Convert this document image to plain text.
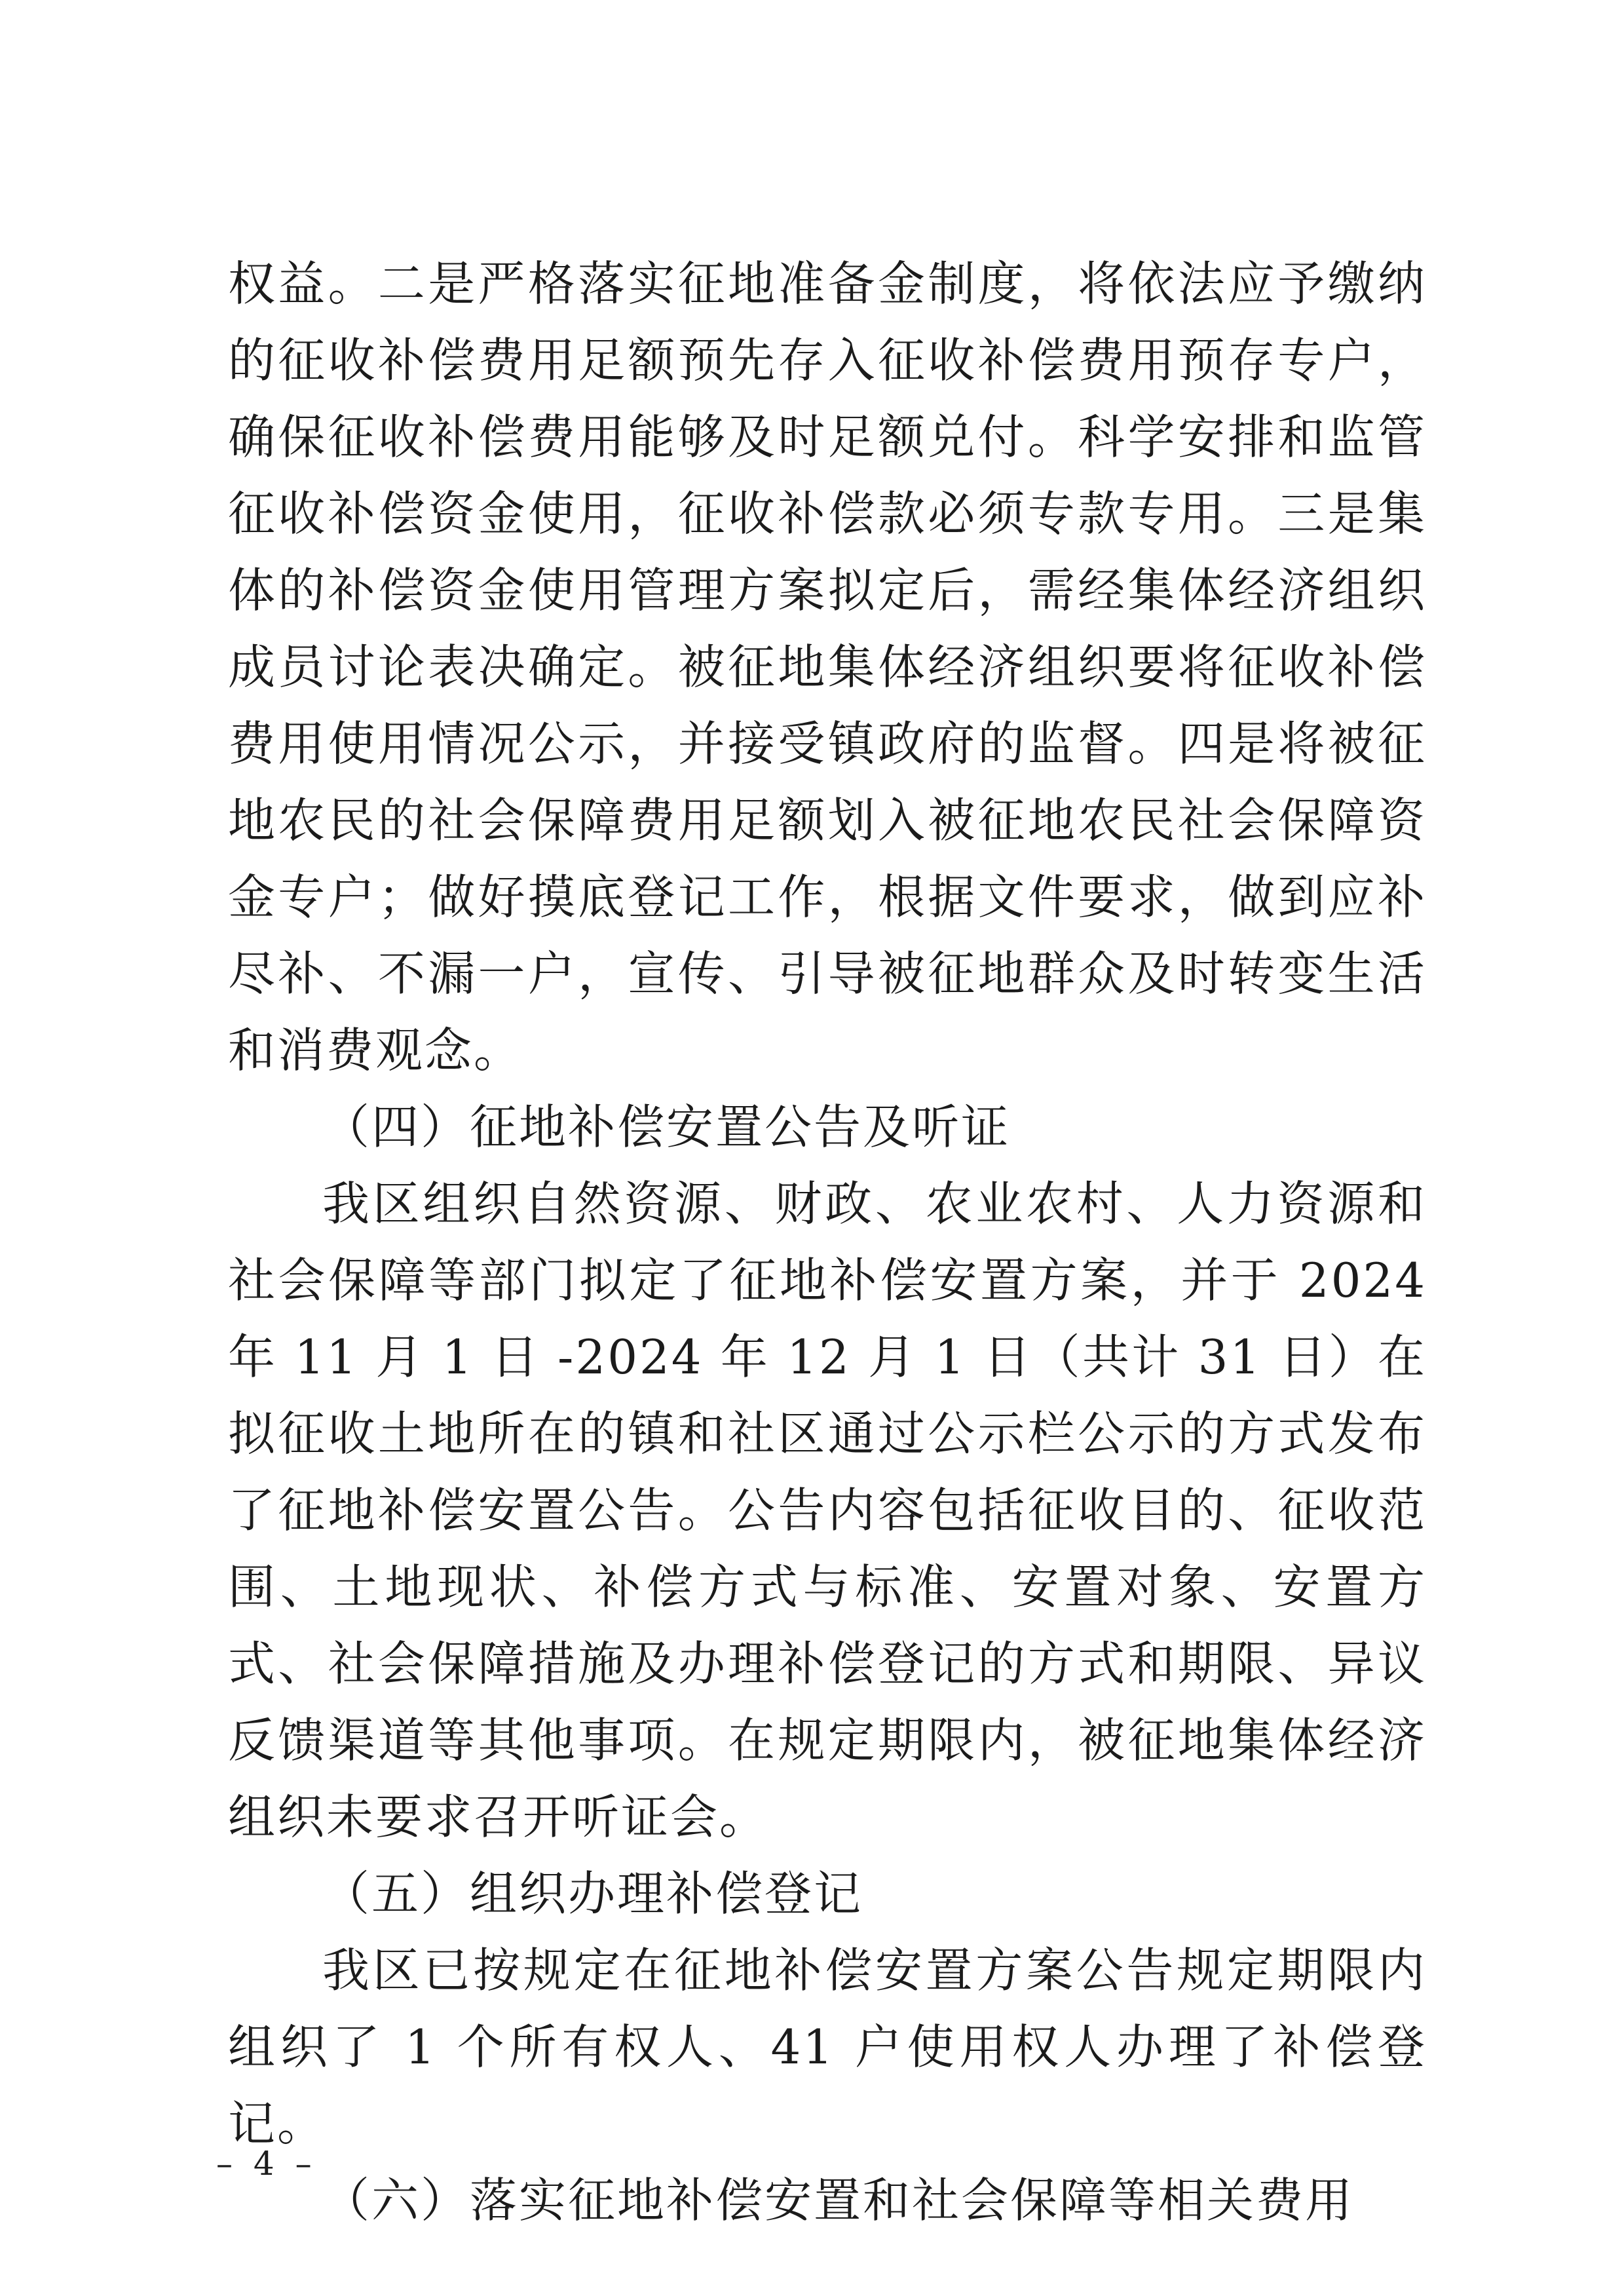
权益。二是严格落实征地准备金制度，将依法应予缴纳的征收补偿费用足额预先存入征收补偿费用预存专户，确保征收补偿费用能够及时足额兑付。科学安排和监管征收补偿资金使用，征收补偿款必须专款专用。三是集体的补偿资金使用管理方案拟定后，需经集体经济组织成员讨论表决确定。被征地集体经济组织要将征收补偿费用使用情况公示，并接受镇政府的监督。四是将被征地农民的社会保障费用足额划入被征地农民社会保障资金专户；做好摸底登记工作，根据文件要求，做到应补尽补、不漏一户，宣传、引导被征地群众及时转变生活和消费观念。

（四）征地补偿安置公告及听证

我区组织自然资源、财政、农业农村、人力资源和社会保障等部门拟定了征地补偿安置方案，并于 2024 年 11 月 1 日 -2024 年 12 月 1 日（共计 31 日）在拟征收土地所在的镇和社区通过公示栏公示的方式发布了征地补偿安置公告。公告内容包括征收目的、征收范围、土地现状、补偿方式与标准、安置对象、安置方式、社会保障措施及办理补偿登记的方式和期限、异议反馈渠道等其他事项。在规定期限内，被征地集体经济组织未要求召开听证会。

（五）组织办理补偿登记

我区已按规定在征地补偿安置方案公告规定期限内组织了 1 个所有权人、41 户使用权人办理了补偿登记。

（六）落实征地补偿安置和社会保障等相关费用

– 4 –
